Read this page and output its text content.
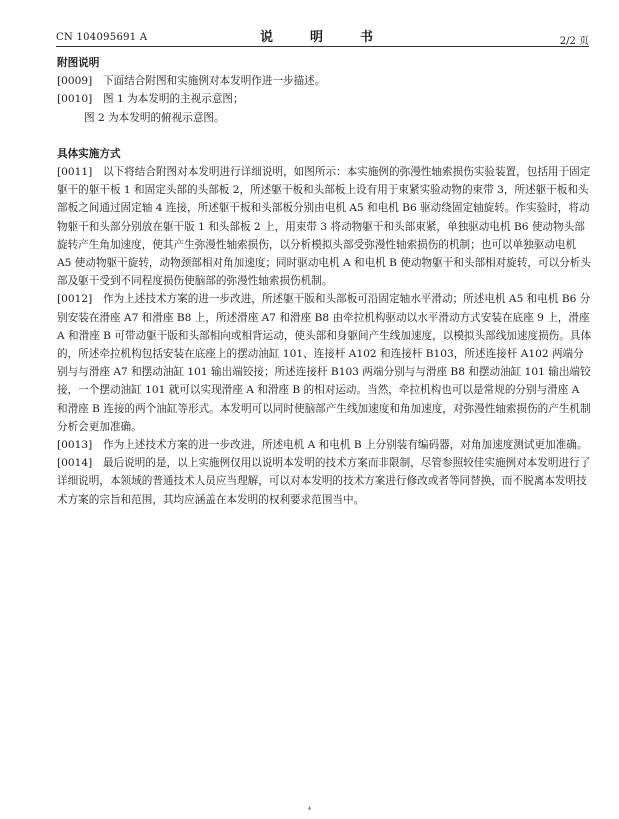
CN 104095691 A	说　明　书	2/2 页

附图说明

[0009] 下面结合附图和实施例对本发明作进一步描述。

[0010] 图 1 为本发明的主视示意图；

图 2 为本发明的俯视示意图。

具体实施方式

[0011] 以下将结合附图对本发明进行详细说明，如图所示：本实施例的弥漫性轴索损伤实验装置，包括用于固定躯干的躯干板 1 和固定头部的头部板 2，所述躯干板和头部板上设有用于束紧实验动物的束带 3，所述躯干板和头部板之间通过固定轴 4 连接，所述躯干板和头部板分别由电机 A5 和电机 B6 驱动绕固定轴旋转。作实验时，将动物躯干和头部分别放在躯干版 1 和头部板 2 上，用束带 3 将动物躯干和头部束紧，单独驱动电机 B6 使动物头部旋转产生角加速度，使其产生弥漫性轴索损伤，以分析模拟头部受弥漫性轴索损伤的机制；也可以单独驱动电机 A5 使动物躯干旋转，动物颈部相对角加速度；同时驱动电机 A 和电机 B 使动物躯干和头部相对旋转，可以分析头部及躯干受到不同程度损伤使脑部的弥漫性轴索损伤机制。

[0012] 作为上述技术方案的进一步改进，所述躯干版和头部板可沿固定轴水平滑动；所述电机 A5 和电机 B6 分别安装在滑座 A7 和滑座 B8 上，所述滑座 A7 和滑座 B8 由牵拉机构驱动以水平滑动方式安装在底座 9 上，滑座 A 和滑座 B 可带动躯干版和头部相向或相背运动，使头部和身躯间产生线加速度，以模拟头部线加速度损伤。具体的，所述牵拉机构包括安装在底座上的摆动油缸 101、连接杆 A102 和连接杆 B103，所述连接杆 A102 两端分别与与滑座 A7 和摆动油缸 101 输出端铰接；所述连接杆 B103 两端分别与与滑座 B8 和摆动油缸 101 输出端铰接，一个摆动油缸 101 就可以实现滑座 A 和滑座 B 的相对运动。当然，牵拉机构也可以是常规的分别与滑座 A 和滑座 B 连接的两个油缸等形式。本发明可以同时使脑部产生线加速度和角加速度，对弥漫性轴索损伤的产生机制分析会更加准确。

[0013] 作为上述技术方案的进一步改进，所述电机 A 和电机 B 上分别装有编码器，对角加速度测试更加准确。

[0014] 最后说明的是，以上实施例仅用以说明本发明的技术方案而非限制，尽管参照较佳实施例对本发明进行了详细说明，本领域的普通技术人员应当理解，可以对本发明的技术方案进行修改或者等同替换，而不脱离本发明技术方案的宗旨和范围，其均应涵盖在本发明的权利要求范围当中。

4
